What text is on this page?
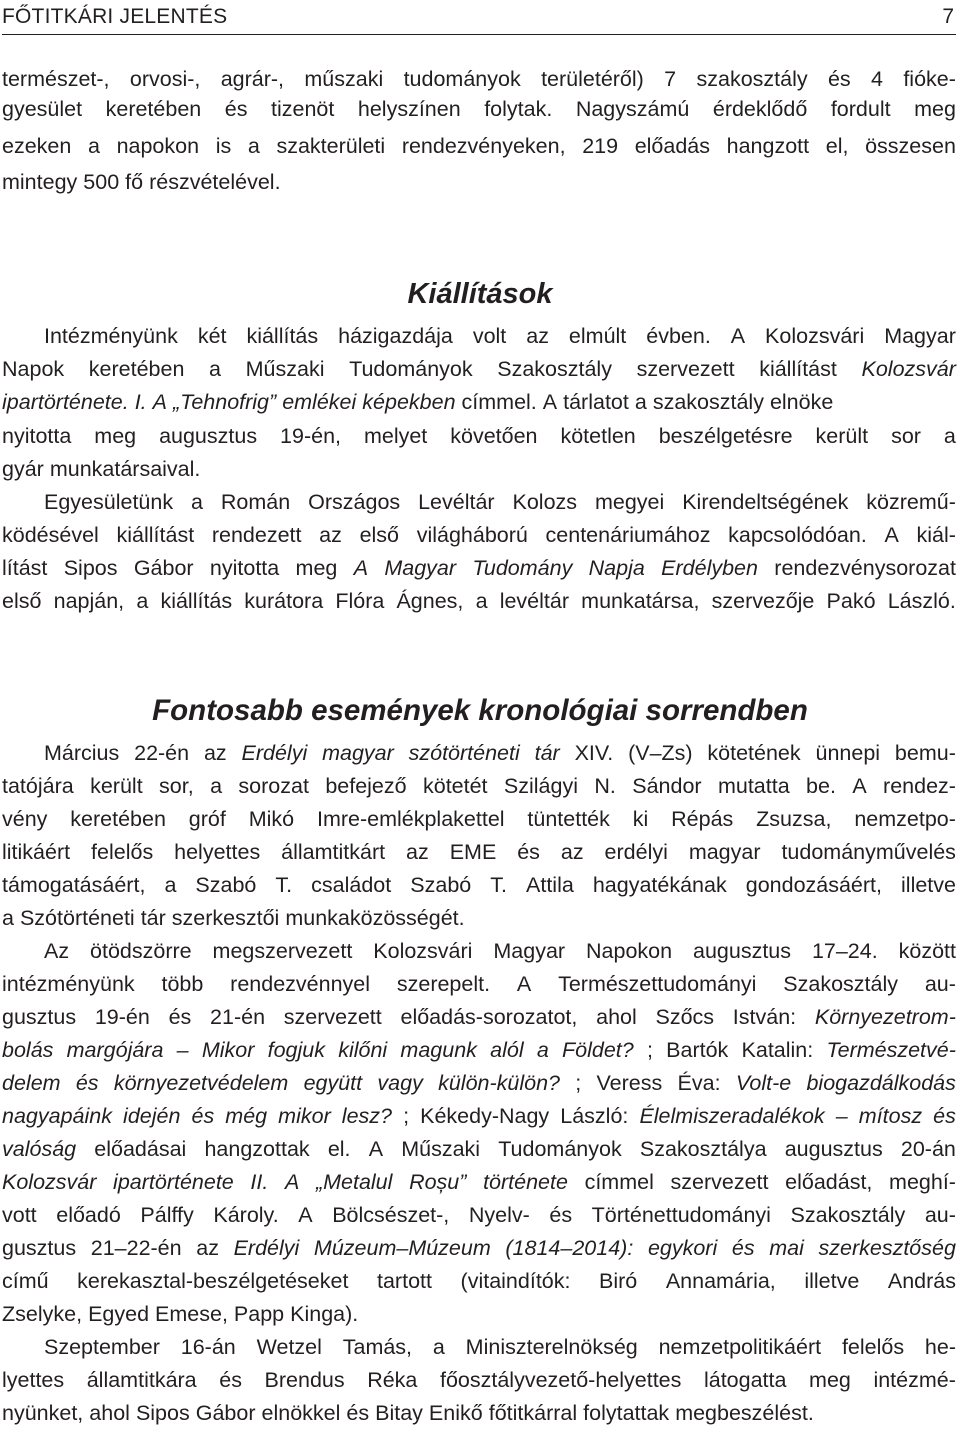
FŐTITKÁRI JELENTÉS	7
Kiállítások
Fontosabb események kronológiai sorrendben
természet-, orvosi-, agrár-, műszaki tudományok területéről) 7 szakosztály és 4 fióke-
gyesület keretében és tizenöt helyszínen folytak. Nagyszámú érdeklődő fordult meg
ezeken a napokon is a szakterületi rendezvényeken, 219 előadás hangzott el, összesen
mintegy 500 fő részvételével.
Intézményünk két kiállítás házigazdája volt az elmúlt évben. A Kolozsvári Magyar
Napok keretében a Műszaki Tudományok Szakosztály szervezett kiállítást Kolozsvár
ipartörténete. I. A „Tehnofrig” emlékei képekben címmel. A tárlatot a szakosztály elnöke
nyitotta meg augusztus 19-én, melyet követően kötetlen beszélgetésre került sor a
gyár munkatársaival.
Egyesületünk a Román Országos Levéltár Kolozs megyei Kirendeltségének közremű-
ködésével kiállítást rendezett az első világháború centenáriumához kapcsolódóan. A kiál-
lítást Sipos Gábor nyitotta meg A Magyar Tudomány Napja Erdélyben rendezvénysorozat
első napján, a kiállítás kurátora Flóra Ágnes, a levéltár munkatársa, szervezője Pakó László.
Március 22-én az Erdélyi magyar szótörténeti tár XIV. (V–Zs) kötetének ünnepi bemu-
tatójára került sor, a sorozat befejező kötetét Szilágyi N. Sándor mutatta be. A rendez-
vény keretében gróf Mikó Imre-emlékplakettel tüntették ki Répás Zsuzsa, nemzetpo-
litikáért felelős helyettes államtitkárt az EME és az erdélyi magyar tudományművelés
támogatásáért, a Szabó T. családot Szabó T. Attila hagyatékának gondozásáért, illetve
a Szótörténeti tár szerkesztői munkaközösségét.
Az ötödszörre megszervezett Kolozsvári Magyar Napokon augusztus 17–24. között
intézményünk több rendezvénnyel szerepelt. A Természettudományi Szakosztály au-
gusztus 19-én és 21-én szervezett előadás-sorozatot, ahol Szőcs István: Környezetrom-
bolás margójára – Mikor fogjuk kilőni magunk alól a Földet? ; Bartók Katalin: Természetvé-
delem és környezetvédelem együtt vagy külön-külön? ; Veress Éva: Volt-e biogazdálkodás
nagyapáink idején és még mikor lesz? ; Kékedy-Nagy László: Élelmiszeradalékok – mítosz és
valóság előadásai hangzottak el. A Műszaki Tudományok Szakosztálya augusztus 20-án
Kolozsvár ipartörténete II. A „Metalul Roșu” története címmel szervezett előadást, meghí-
vott előadó Pálffy Károly. A Bölcsészet-, Nyelv- és Történettudományi Szakosztály au-
gusztus 21–22-én az Erdélyi Múzeum–Múzeum (1814–2014): egykori és mai szerkesztőség
című kerekasztal-beszélgetéseket tartott (vitaindítók: Biró Annamária, illetve András
Zselyke, Egyed Emese, Papp Kinga).
Szeptember 16-án Wetzel Tamás, a Miniszterelnökség nemzetpolitikáért felelős he-
lyettes államtitkára és Brendus Réka főosztályvezető-helyettes látogatta meg intézmé-
nyünket, ahol Sipos Gábor elnökkel és Bitay Enikő főtitkárral folytattak megbeszélést.
